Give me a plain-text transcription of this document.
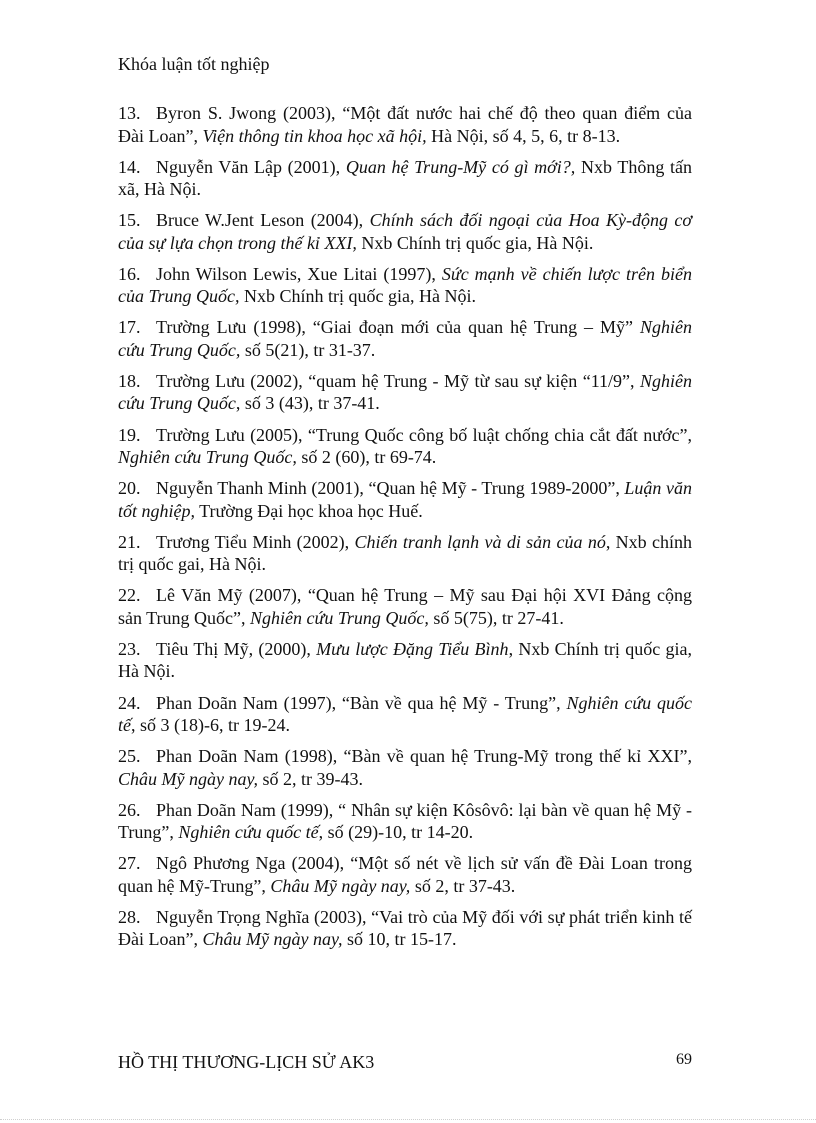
Khóa luận tốt nghiệp
13. Byron S. Jwong (2003), “Một đất nước hai chế độ theo quan điểm của Đài Loan”, Viện thông tin khoa học xã hội, Hà Nội, số 4, 5, 6, tr 8-13.
14. Nguyễn Văn Lập (2001), Quan hệ Trung-Mỹ có gì mới?, Nxb Thông tấn xã, Hà Nội.
15. Bruce W.Jent Leson (2004), Chính sách đối ngoại của Hoa Kỳ-động cơ của sự lựa chọn trong thế kỉ XXI, Nxb Chính trị quốc gia, Hà Nội.
16. John Wilson Lewis, Xue Litai (1997), Sức mạnh về chiến lược trên biển của Trung Quốc, Nxb Chính trị quốc gia, Hà Nội.
17. Trường Lưu (1998), “Giai đoạn mới của quan hệ Trung – Mỹ” Nghiên cứu Trung Quốc, số 5(21), tr 31-37.
18. Trường Lưu (2002), “quam hệ Trung - Mỹ từ sau sự kiện “11/9”, Nghiên cứu Trung Quốc, số 3 (43), tr 37-41.
19. Trường Lưu (2005), “Trung Quốc công bố luật chống chia cắt đất nước”, Nghiên cứu Trung Quốc, số 2 (60), tr 69-74.
20. Nguyễn Thanh Minh (2001), “Quan hệ Mỹ - Trung 1989-2000”, Luận văn tốt nghiệp, Trường Đại học khoa học Huế.
21. Trương Tiểu Minh (2002), Chiến tranh lạnh và di sản của nó, Nxb chính trị quốc gai, Hà Nội.
22. Lê Văn Mỹ (2007), “Quan hệ Trung – Mỹ sau Đại hội XVI Đảng cộng sản Trung Quốc”, Nghiên cứu Trung Quốc, số 5(75), tr 27-41.
23. Tiêu Thị Mỹ, (2000), Mưu lược Đặng Tiểu Bình, Nxb Chính trị quốc gia, Hà Nội.
24. Phan Doãn Nam (1997), “Bàn về qua hệ Mỹ - Trung”, Nghiên cứu quốc tế, số 3 (18)-6, tr 19-24.
25. Phan Doãn Nam (1998), “Bàn về quan hệ Trung-Mỹ trong thế kỉ XXI”, Châu Mỹ ngày nay, số 2, tr 39-43.
26. Phan Doãn Nam (1999), “ Nhân sự kiện Kôsôvô: lại bàn về quan hệ Mỹ - Trung”, Nghiên cứu quốc tế, số (29)-10, tr 14-20.
27. Ngô Phương Nga (2004), “Một số nét về lịch sử vấn đề Đài Loan trong quan hệ Mỹ-Trung”, Châu Mỹ ngày nay, số 2, tr 37-43.
28. Nguyễn Trọng Nghĩa (2003), “Vai trò của Mỹ đối với sự phát triển kinh tế Đài Loan”, Châu Mỹ ngày nay, số 10, tr 15-17.
HỒ THỊ THƯƠNG-LỊCH SỬ AK3	69
